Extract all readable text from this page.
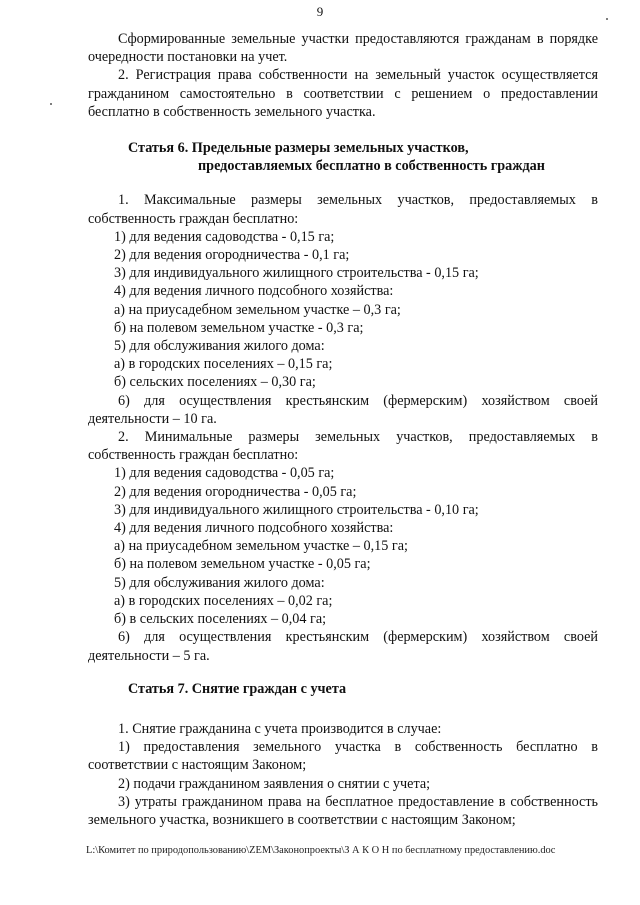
9

Сформированные земельные участки предоставляются гражданам в порядке очередности постановки на учет.

2. Регистрация права собственности на земельный участок осуществляется гражданином самостоятельно в соответствии с решением о предоставлении бесплатно в собственность земельного участка.

Статья 6. Предельные размеры земельных участков,

предоставляемых бесплатно в собственность граждан

1. Максимальные размеры земельных участков, предоставляемых в собственность граждан бесплатно:

1) для ведения садоводства - 0,15 га;

2) для ведения огородничества - 0,1 га;

3) для индивидуального жилищного строительства - 0,15 га;

4) для ведения личного подсобного хозяйства:

а) на приусадебном земельном участке – 0,3 га;

б) на полевом земельном участке - 0,3 га;

5) для обслуживания жилого дома:

а) в городских поселениях – 0,15 га;

б) сельских поселениях – 0,30 га;

6) для осуществления крестьянским (фермерским) хозяйством своей деятельности – 10 га.

2. Минимальные размеры земельных участков, предоставляемых в собственность граждан бесплатно:

1) для ведения садоводства - 0,05 га;

2) для ведения огородничества - 0,05 га;

3) для индивидуального жилищного строительства - 0,10 га;

4) для ведения личного подсобного хозяйства:

а) на приусадебном земельном участке – 0,15 га;

б) на полевом земельном участке - 0,05 га;

5) для обслуживания жилого дома:

а) в городских поселениях – 0,02 га;

б) в сельских поселениях – 0,04 га;

6) для осуществления крестьянским (фермерским) хозяйством своей деятельности – 5 га.

Статья 7. Снятие граждан с учета

1. Снятие гражданина с учета производится в случае:

1) предоставления земельного участка в собственность бесплатно в соответствии с настоящим Законом;

2) подачи гражданином заявления о снятии с учета;

3) утраты гражданином права на бесплатное предоставление в собственность земельного участка, возникшего в соответствии с настоящим Законом;

L:\Комитет по природопользованию\ZEM\Законопроекты\З А К О Н по бесплатному предоставлению.doc
